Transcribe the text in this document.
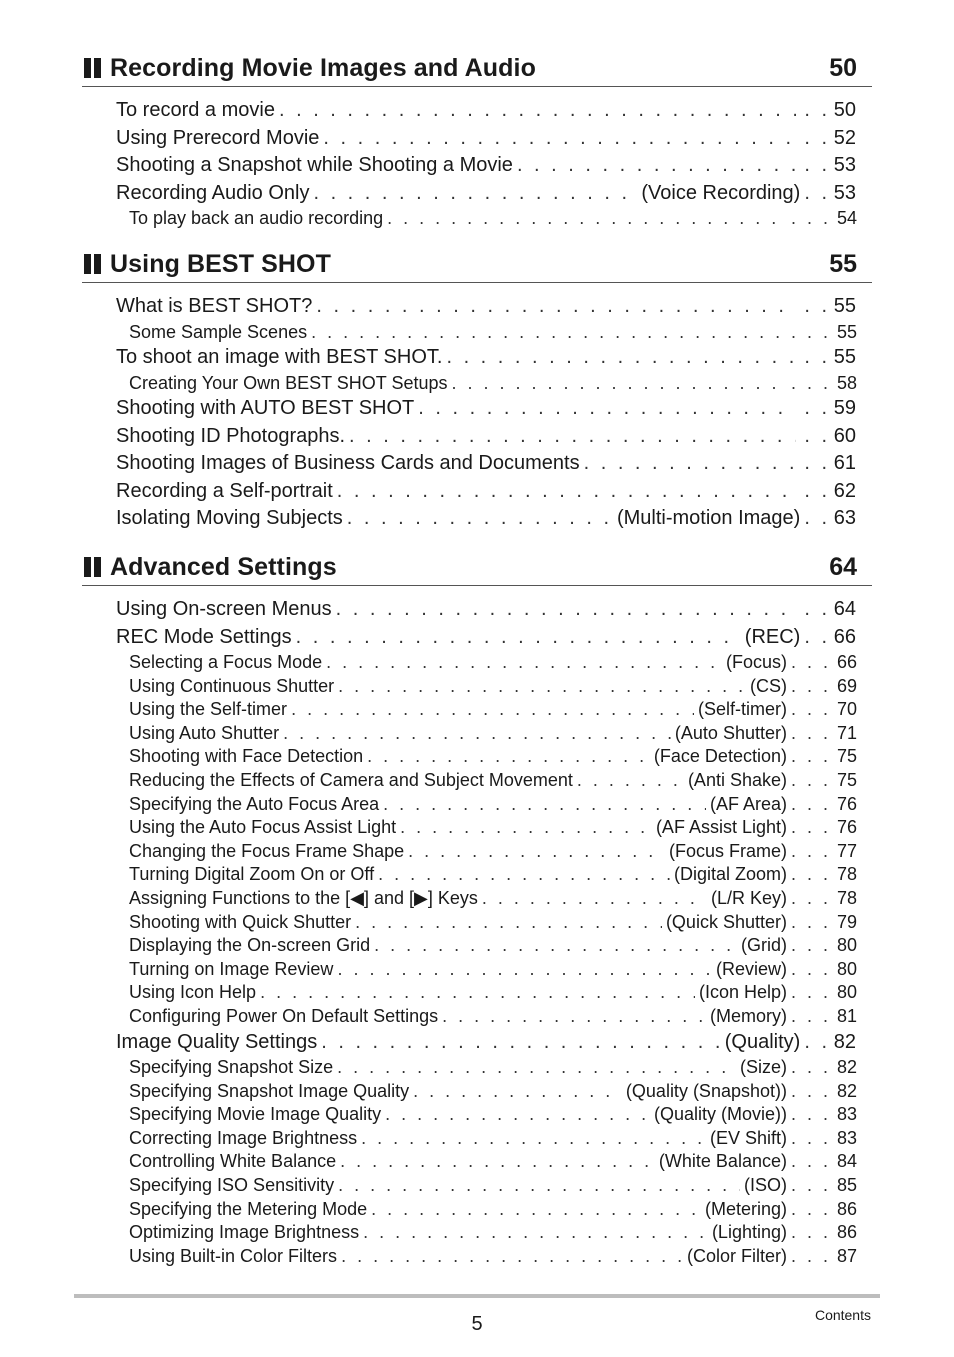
Recording Movie Images and Audio	50
To record a movie . . .	. . 50
Using Prerecord Movie . . .	. . 52
Shooting a Snapshot while Shooting a Movie . . .	. . 53
Recording Audio Only . . .	(Voice Recording) . . 53
To play back an audio recording . . .	. . . 54
Using BEST SHOT	55
What is BEST SHOT? . . .	. . 55
Some Sample Scenes . . .	. . . 55
To shoot an image with BEST SHOT. . . .	. . 55
Creating Your Own BEST SHOT Setups . . .	. . . 58
Shooting with AUTO BEST SHOT . . .	. . 59
Shooting ID Photographs. . . .	. . 60
Shooting Images of Business Cards and Documents . . .	. . 61
Recording a Self-portrait . . .	. . 62
Isolating Moving Subjects . . .	(Multi-motion Image) . . 63
Advanced Settings	64
Using On-screen Menus . . .	. . 64
REC Mode Settings . . .	(REC) . . 66
Selecting a Focus Mode . . .	(Focus) . . . 66
Using Continuous Shutter . . .	(CS) . . . 69
Using the Self-timer . . .	(Self-timer) . . . 70
Using Auto Shutter . . .	(Auto Shutter) . . . 71
Shooting with Face Detection . . .	(Face Detection) . . . 75
Reducing the Effects of Camera and Subject Movement . . .	(Anti Shake) . . . 75
Specifying the Auto Focus Area . . .	(AF Area) . . . 76
Using the Auto Focus Assist Light . . .	(AF Assist Light) . . . 76
Changing the Focus Frame Shape . . .	(Focus Frame) . . . 77
Turning Digital Zoom On or Off . . .	(Digital Zoom) . . . 78
Assigning Functions to the [◀] and [▶] Keys . . .	(L/R Key) . . . 78
Shooting with Quick Shutter . . .	(Quick Shutter) . . . 79
Displaying the On-screen Grid . . .	(Grid) . . . 80
Turning on Image Review . . .	(Review) . . . 80
Using Icon Help . . .	(Icon Help) . . . 80
Configuring Power On Default Settings . . .	(Memory) . . . 81
Image Quality Settings . . .	(Quality) . . 82
Specifying Snapshot Size . . .	(Size) . . . 82
Specifying Snapshot Image Quality . . .	(Quality (Snapshot)) . . . 82
Specifying Movie Image Quality . . .	(Quality (Movie)) . . . 83
Correcting Image Brightness . . .	(EV Shift) . . . 83
Controlling White Balance . . .	(White Balance) . . . 84
Specifying ISO Sensitivity . . .	(ISO) . . . 85
Specifying the Metering Mode . . .	(Metering) . . . 86
Optimizing Image Brightness . . .	(Lighting) . . . 86
Using Built-in Color Filters . . .	(Color Filter) . . . 87
5	Contents
